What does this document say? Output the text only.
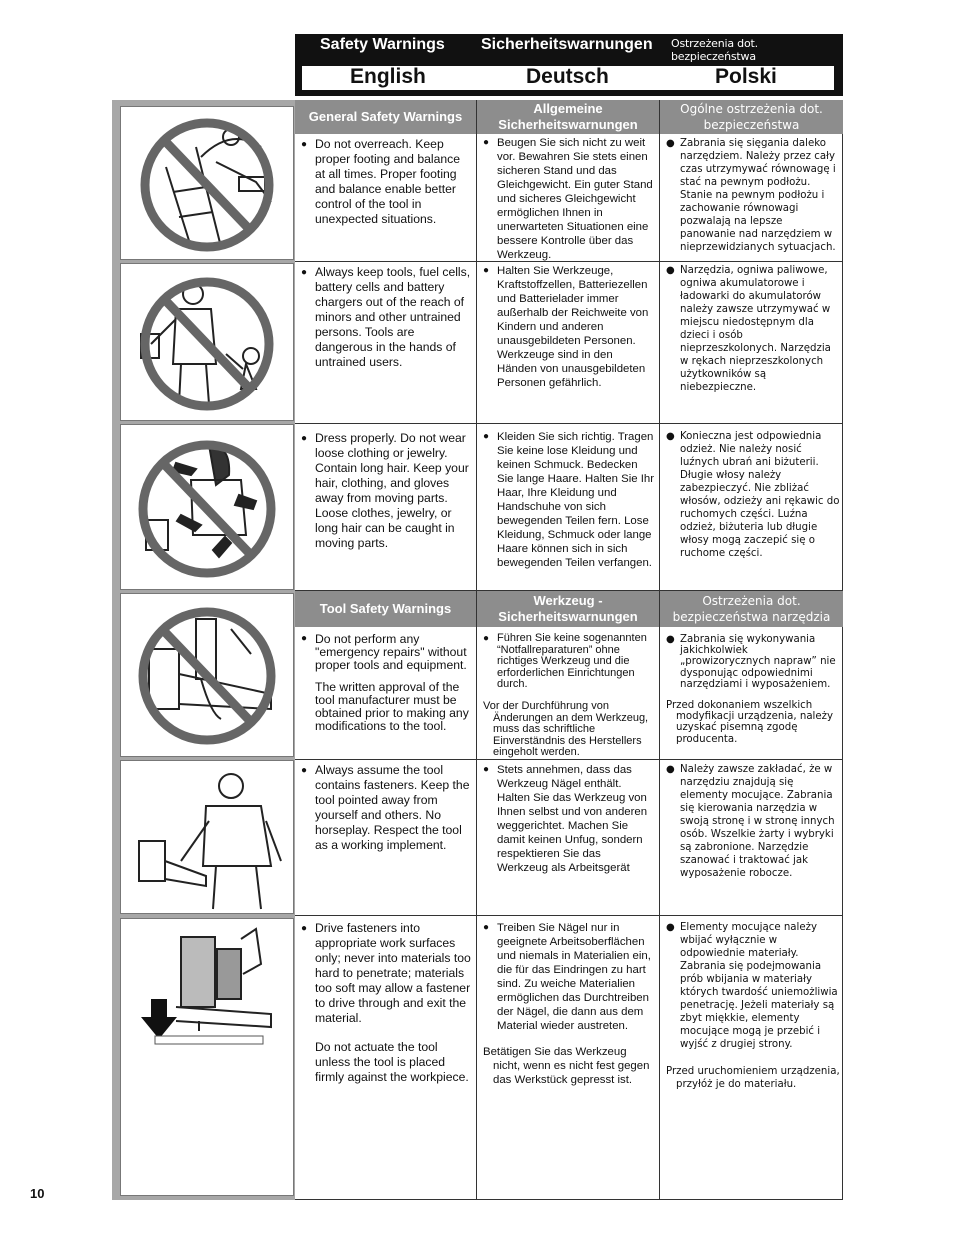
Safety Warnings Sicherheitswarnungen Ostrzeżenia dot. bezpieczeństwa
English	Deutsch	Polski
General Safety Warnings
Allgemeine Sicherheitswarnungen
Ogólne ostrzeżenia dot. bezpieczeństwa
Tool Safety Warnings
Werkzeug - Sicherheitswarnungen
Ostrzeżenia dot. bezpieczeństwa narzędzia
● Do not overreach. Keep proper footing and balance at all times. Proper footing and balance enable better control of the tool in unexpected situations.
● Beugen Sie sich nicht zu weit vor. Bewahren Sie stets einen sicheren Stand und das Gleichgewicht. Ein guter Stand und sicheres Gleichgewicht ermöglichen Ihnen in unerwarteten Situationen eine bessere Kontrolle über das Werkzeug.
● Zabrania się sięgania daleko narzędziem. Należy przez cały czas utrzymywać równowagę i stać na pewnym podłożu. Stanie na pewnym podłożu i zachowanie równowagi pozwalają na lepsze panowanie nad narzędziem w nieprzewidzianych sytuacjach.
● Always keep tools, fuel cells, battery cells and battery chargers out of the reach of minors and other untrained persons. Tools are dangerous in the hands of untrained users.
● Halten Sie Werkzeuge, Kraftstoffzellen, Batteriezellen und Batterielader immer außerhalb der Reichweite von Kindern und anderen unausgebildeten Personen. Werkzeuge sind in den Händen von unausgebildeten Personen gefährlich.
● Narzędzia, ogniwa paliwowe, ogniwa akumulatorowe i ładowarki do akumulatorów należy zawsze utrzymywać w miejscu niedostępnym dla dzieci i osób nieprzeszkolonych. Narzędzia w rękach nieprzeszkolonych użytkowników są niebezpieczne.
● Dress properly. Do not wear loose clothing or jewelry. Contain long hair. Keep your hair, clothing, and gloves away from moving parts. Loose clothes, jewelry, or long hair can be caught in moving parts.
● Kleiden Sie sich richtig. Tragen Sie keine lose Kleidung und keinen Schmuck. Bedecken Sie lange Haare. Halten Sie Ihr Haar, Ihre Kleidung und Handschuhe von sich bewegenden Teilen fern. Lose Kleidung, Schmuck oder lange Haare können sich in sich bewegenden Teilen verfangen.
● Konieczna jest odpowiednia odzież. Nie należy nosić luźnych ubrań ani biżuterii. Długie włosy należy zabezpieczyć. Nie zbliżać włosów, odzieży ani rękawic do ruchomych części. Luźna odzież, biżuteria lub długie włosy mogą zaczepić się o ruchome części.
● Do not perform any "emergency repairs" without proper tools and equipment.
The written approval of the tool manufacturer must be obtained prior to making any modifications to the tool.
● Führen Sie keine sogenannten “Notfallreparaturen” ohne richtiges Werkzeug und die erforderlichen Einrichtungen durch.
Vor der Durchführung von Änderungen an dem Werkzeug, muss das schriftliche Einverständnis des Herstellers eingeholt werden.
● Zabrania się wykonywania jakichkolwiek „prowizorycznych napraw” nie dysponując odpowiednimi narzędziami i wyposażeniem.
Przed dokonaniem wszelkich modyfikacji urządzenia, należy uzyskać pisemną zgodę producenta.
● Always assume the tool contains fasteners. Keep the tool pointed away from yourself and others. No horseplay. Respect the tool as a working implement.
● Stets annehmen, dass das Werkzeug Nägel enthält. Halten Sie das Werkzeug von Ihnen selbst und von anderen weggerichtet. Machen Sie damit keinen Unfug, sondern respektieren Sie das Werkzeug als Arbeitsgerät
● Należy zawsze zakładać, że w narzędziu znajdują się elementy mocujące. Zabrania się kierowania narzędzia w swoją stronę i w stronę innych osób. Wszelkie żarty i wybryki są zabronione. Narzędzie szanować i traktować jak wyposażenie robocze.
● Drive fasteners into appropriate work surfaces only; never into materials too hard to penetrate; materials too soft may allow a fastener to drive through and exit the material.
Do not actuate the tool unless the tool is placed firmly against the workpiece.
● Treiben Sie Nägel nur in geeignete Arbeitsoberflächen und niemals in Materialien ein, die für das Eindringen zu hart sind. Zu weiche Materialien ermöglichen das Durchtreiben der Nägel, die dann aus dem Material wieder austreten.
Betätigen Sie das Werkzeug nicht, wenn es nicht fest gegen das Werkstück gepresst ist.
● Elementy mocujące należy wbijać wyłącznie w odpowiednie materiały. Zabrania się podejmowania prób wbijania w materiały których twardość uniemożliwia penetrację. Jeżeli materiały są zbyt miękkie, elementy mocujące mogą je przebić i wyjść z drugiej strony.
Przed uruchomieniem urządzenia, przyłóż je do materiału.
10
